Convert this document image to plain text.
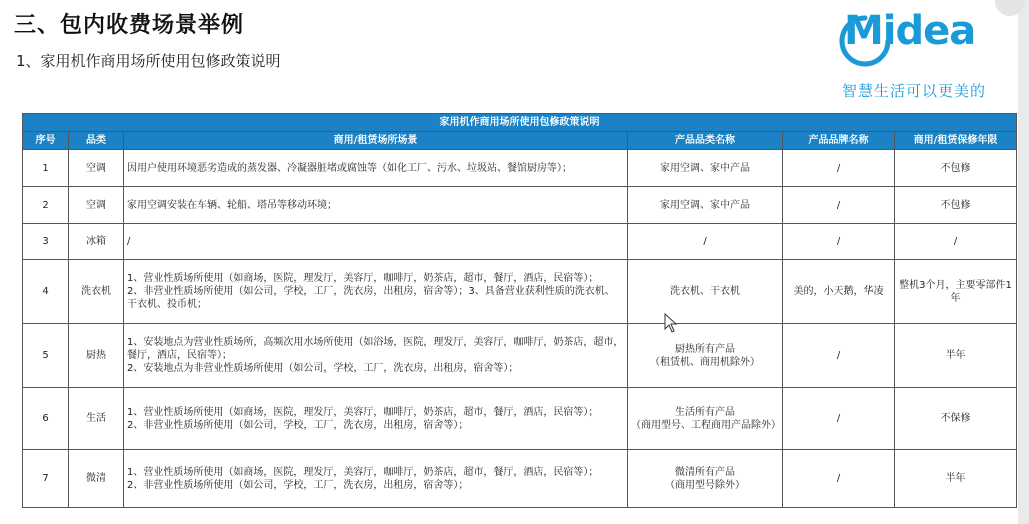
三、包内收费场景举例
1、家用机作商用场所使用包修政策说明
Midea
智慧生活可以更美的
家用机作商用场所使用包修政策说明					
序号	品类	商用/租赁场所场景	产品品类名称	产品品牌名称	商用/租赁保修年限
1	空调	因用户使用环境恶劣造成的蒸发器、冷凝器脏堵或腐蚀等（如化工厂、污水、垃圾站、餐馆厨房等）；	家用空调、家中产品	/	不包修
2	空调	家用空调安装在车辆、轮船、塔吊等移动环境；	家用空调、家中产品	/	不包修
3	冰箱	/	/	/	/
4	洗衣机	1、营业性质场所使用（如商场，医院，理发厅，美容厅，咖啡厅，奶茶店，超市，餐厅，酒店，民宿等）；
2、非营业性质场所使用（如公司，学校，工厂，洗衣房，出租房，宿舍等）；3、具备营业获利性质的洗衣机、干衣机、投币机；	洗衣机、干衣机	美的，小天鹅，华凌	整机3个月，主要零部件1年
5	厨热	1、安装地点为营业性质场所，高频次用水场所使用（如浴场，医院，理发厅，美容厅，咖啡厅，奶茶店，超市，餐厅，酒店，民宿等）；
2、安装地点为非营业性质场所使用（如公司，学校，工厂，洗衣房，出租房，宿舍等）；	厨热所有产品
（租赁机、商用机除外）	/	半年
6	生活	1、营业性质场所使用（如商场，医院，理发厅，美容厅，咖啡厅，奶茶店，超市，餐厅，酒店，民宿等）；
2、非营业性质场所使用（如公司，学校，工厂，洗衣房，出租房，宿舍等）；	生活所有产品
（商用型号、工程商用产品除外）	/	不保修
7	微清	1、营业性质场所使用（如商场，医院，理发厅，美容厅，咖啡厅，奶茶店，超市，餐厅，酒店，民宿等）；
2、非营业性质场所使用（如公司，学校，工厂，洗衣房，出租房，宿舍等）；	微清所有产品
（商用型号除外）	/	半年
